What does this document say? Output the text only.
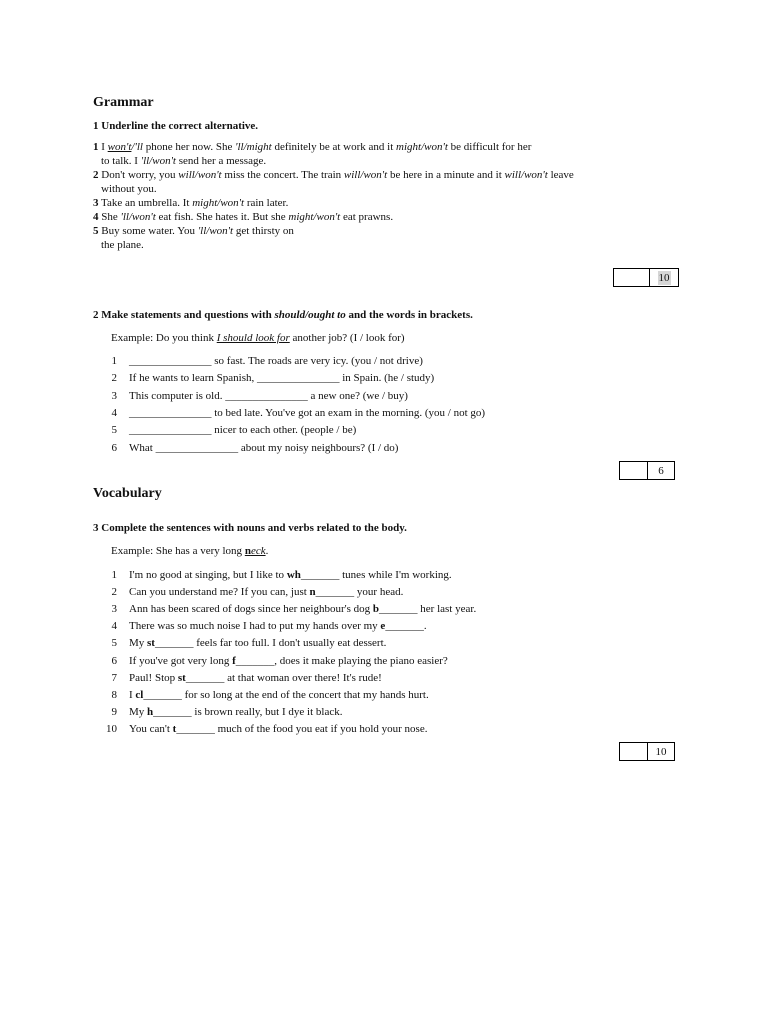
Grammar
1 Underline the correct alternative.
10
2 Make statements and questions with should/ought to and the words in brackets.
Example: Do you think I should look for another job? (I / look for)
6
Vocabulary
3 Complete the sentences with nouns and verbs related to the body.
Example: She has a very long neck.
10
1 I won't/'ll phone her now. She 'll/might definitely be at work and it might/won't be difficult for her
to talk. I 'll/won't send her a message.
2 Don't worry, you will/won't miss the concert. The train will/won't be here in a minute and it will/won't leave
without you.
3 Take an umbrella. It might/won't rain later.
4 She 'll/won't eat fish. She hates it. But she might/won't eat prawns.
5 Buy some water. You 'll/won't get thirsty on
the plane.
1 _______________ so fast. The roads are very icy. (you / not drive)
2 If he wants to learn Spanish, _______________ in Spain. (he / study)
3 This computer is old. _______________ a new one? (we / buy)
4 _______________ to bed late. You've got an exam in the morning. (you / not go)
5 _______________ nicer to each other. (people / be)
6 What _______________ about my noisy neighbours? (I / do)
1 I'm no good at singing, but I like to wh_______ tunes while I'm working.
2 Can you understand me? If you can, just n_______ your head.
3 Ann has been scared of dogs since her neighbour's dog b_______ her last year.
4 There was so much noise I had to put my hands over my e_______.
5 My st_______ feels far too full. I don't usually eat dessert.
6 If you've got very long f_______, does it make playing the piano easier?
7 Paul! Stop st_______ at that woman over there! It's rude!
8 I cl_______ for so long at the end of the concert that my hands hurt.
9 My h_______ is brown really, but I dye it black.
10 You can't t_______ much of the food you eat if you hold your nose.
